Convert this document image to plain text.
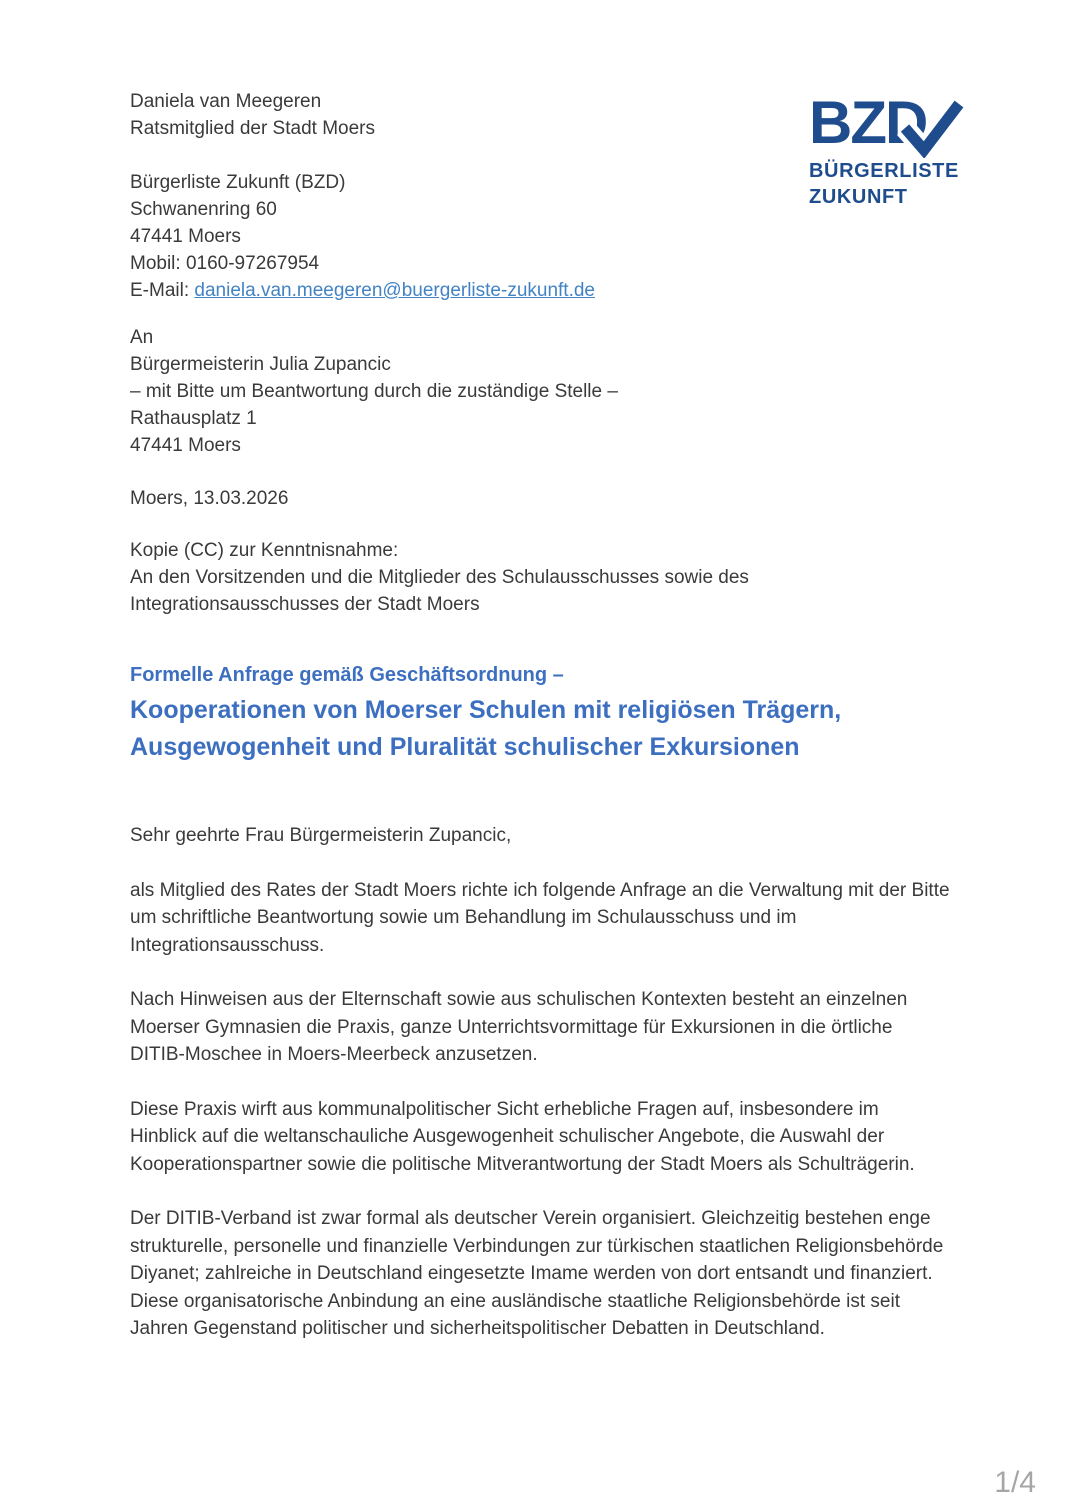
Daniela van Meegeren
Ratsmitglied der Stadt Moers
Bürgerliste Zukunft (BZD)
Schwanenring 60
47441 Moers
Mobil: 0160-97267954
E-Mail: daniela.van.meegeren@buergerliste-zukunft.de
BZD
BÜRGERLISTE
ZUKUNFT
An
Bürgermeisterin Julia Zupancic
– mit Bitte um Beantwortung durch die zuständige Stelle –
Rathausplatz 1
47441 Moers
Moers, 13.03.2026
Kopie (CC) zur Kenntnisnahme:
An den Vorsitzenden und die Mitglieder des Schulausschusses sowie des Integrationsausschusses der Stadt Moers
Formelle Anfrage gemäß Geschäftsordnung –
Kooperationen von Moerser Schulen mit religiösen Trägern, Ausgewogenheit und Pluralität schulischer Exkursionen

Sehr geehrte Frau Bürgermeisterin Zupancic,

als Mitglied des Rates der Stadt Moers richte ich folgende Anfrage an die Verwaltung mit der Bitte um schriftliche Beantwortung sowie um Behandlung im Schulausschuss und im Integrationsausschuss.

Nach Hinweisen aus der Elternschaft sowie aus schulischen Kontexten besteht an einzelnen Moerser Gymnasien die Praxis, ganze Unterrichtsvormittage für Exkursionen in die örtliche DITIB-Moschee in Moers-Meerbeck anzusetzen.

Diese Praxis wirft aus kommunalpolitischer Sicht erhebliche Fragen auf, insbesondere im Hinblick auf die weltanschauliche Ausgewogenheit schulischer Angebote, die Auswahl der Kooperationspartner sowie die politische Mitverantwortung der Stadt Moers als Schulträgerin.

Der DITIB-Verband ist zwar formal als deutscher Verein organisiert. Gleichzeitig bestehen enge strukturelle, personelle und finanzielle Verbindungen zur türkischen staatlichen Religionsbehörde Diyanet; zahlreiche in Deutschland eingesetzte Imame werden von dort entsandt und finanziert. Diese organisatorische Anbindung an eine ausländische staatliche Religionsbehörde ist seit Jahren Gegenstand politischer und sicherheitspolitischer Debatten in Deutschland.

1/4
